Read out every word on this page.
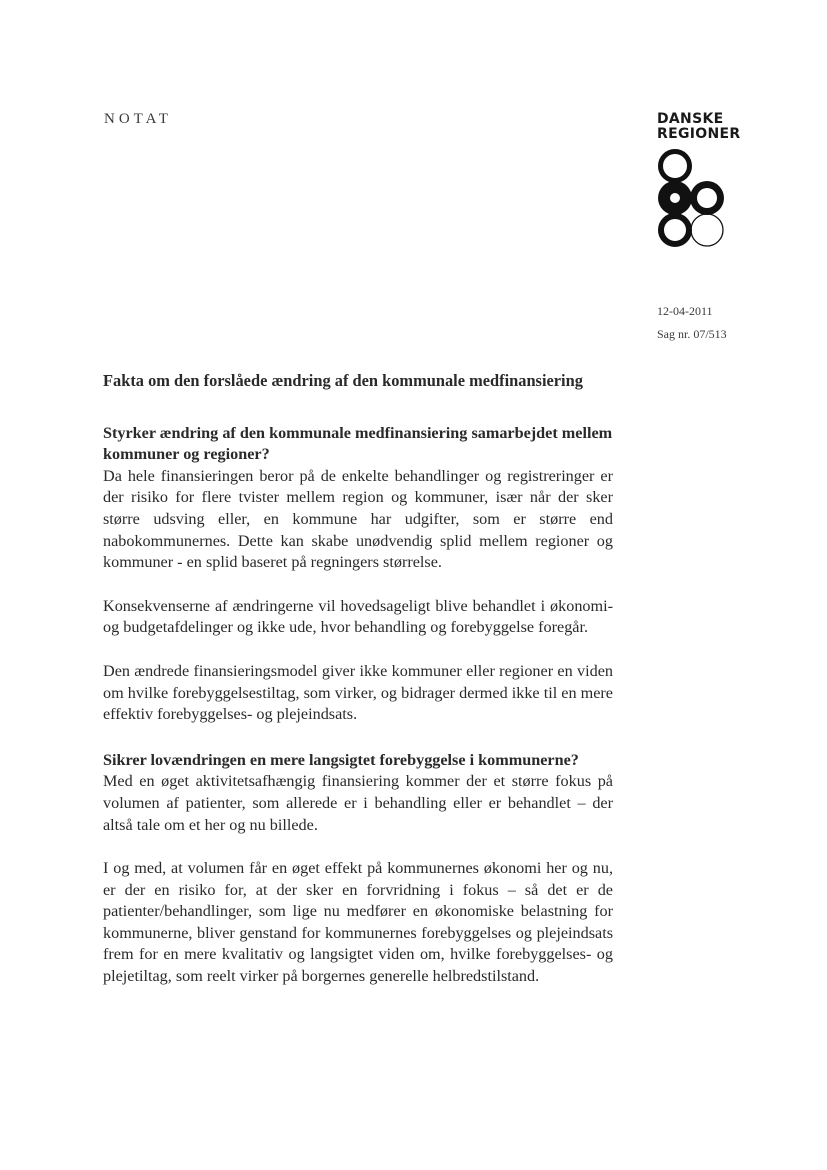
NOTAT	DANSKE
REGIONER
12-04-2011
Sag nr. 07/513

Fakta om den forslåede ændring af den kommunale medfinansiering

Styrker ændring af den kommunale medfinansiering samarbejdet mellem kommuner og regioner?

Da hele finansieringen beror på de enkelte behandlinger og registreringer er der risiko for flere tvister mellem region og kommuner, især når der sker større udsving eller, en kommune har udgifter, som er større end nabokommunernes. Dette kan skabe unødvendig splid mellem regioner og kommuner - en splid baseret på regningers størrelse.

Konsekvenserne af ændringerne vil hovedsageligt blive behandlet i økonomi- og budgetafdelinger og ikke ude, hvor behandling og forebyggelse foregår.

Den ændrede finansieringsmodel giver ikke kommuner eller regioner en viden om hvilke forebyggelsestiltag, som virker, og bidrager dermed ikke til en mere effektiv forebyggelses- og plejeindsats.

Sikrer lovændringen en mere langsigtet forebyggelse i kommunerne?

Med en øget aktivitetsafhængig finansiering kommer der et større fokus på volumen af patienter, som allerede er i behandling eller er behandlet – der altså tale om et her og nu billede.

I og med, at volumen får en øget effekt på kommunernes økonomi her og nu, er der en risiko for, at der sker en forvridning i fokus – så det er de patienter/behandlinger, som lige nu medfører en økonomiske belastning for kommunerne, bliver genstand for kommunernes forebyggelses og plejeindsats frem for en mere kvalitativ og langsigtet viden om, hvilke forebyggelses- og plejetiltag, som reelt virker på borgernes generelle helbredstilstand.
